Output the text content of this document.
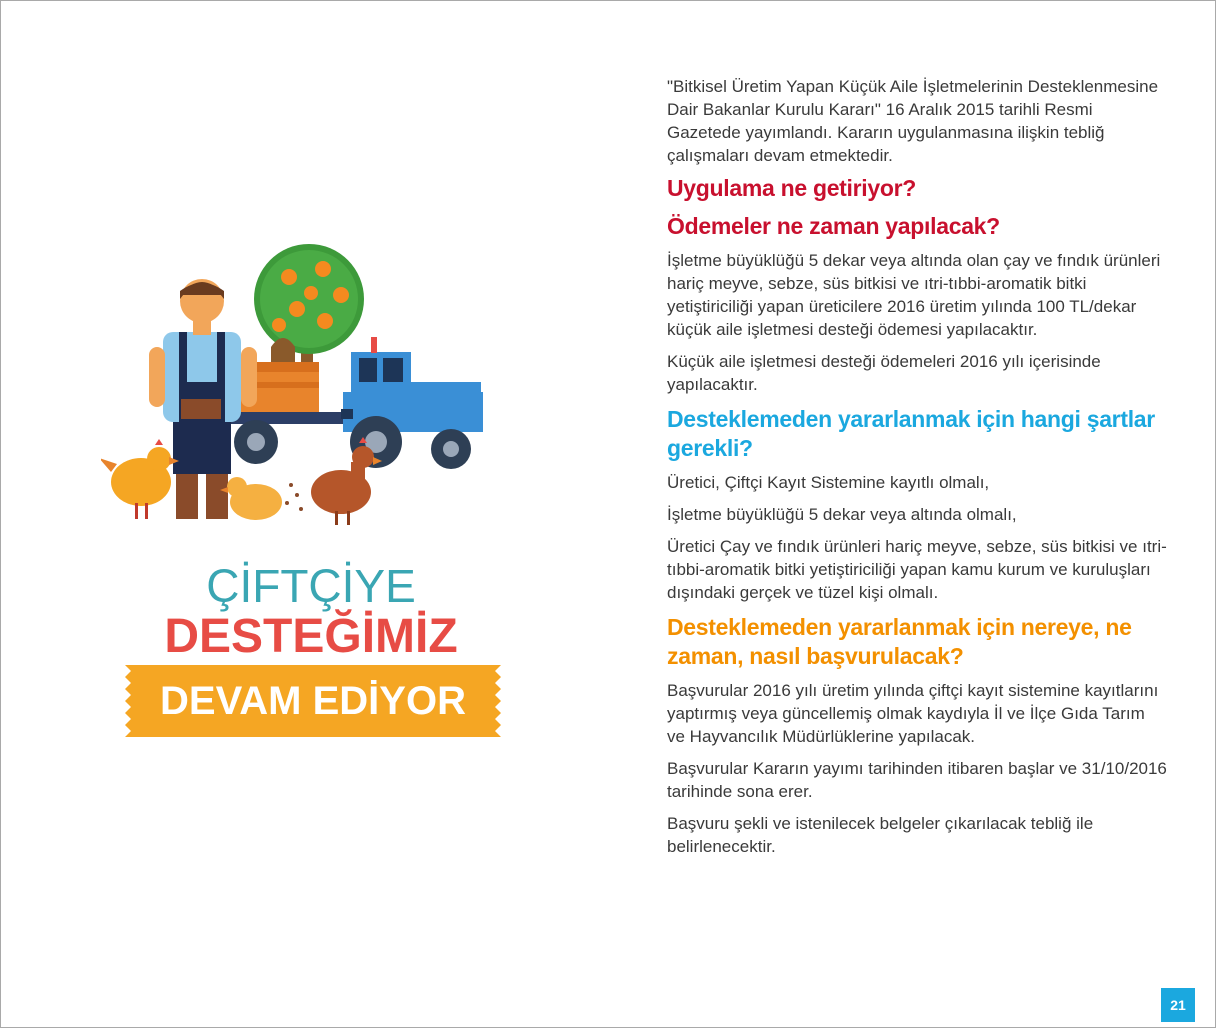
ÇİFTÇİYE
DESTEĞİMİZ
DEVAM EDİYOR

"Bitkisel Üretim Yapan Küçük Aile İşletmelerinin Desteklenmesine Dair Bakanlar Kurulu Kararı" 16 Aralık 2015 tarihli Resmi Gazetede yayımlandı. Kararın uygulanmasına ilişkin tebliğ çalışmaları devam etmektedir.

Uygulama ne getiriyor?
Ödemeler ne zaman yapılacak?

İşletme büyüklüğü 5 dekar veya altında olan çay ve fındık ürünleri hariç meyve, sebze, süs bitkisi ve ıtri-tıbbi-aromatik bitki yetiştiriciliği yapan üreticilere 2016 üretim yılında 100 TL/dekar küçük aile işletmesi desteği ödemesi yapılacaktır.

Küçük aile işletmesi desteği ödemeleri 2016 yılı içerisinde yapılacaktır.

Desteklemeden yararlanmak için hangi şartlar gerekli?

Üretici, Çiftçi Kayıt Sistemine kayıtlı olmalı,

İşletme büyüklüğü 5 dekar veya altında olmalı,

Üretici Çay ve fındık ürünleri hariç meyve, sebze, süs bitkisi ve ıtri-tıbbi-aromatik bitki yetiştiriciliği yapan kamu kurum ve kuruluşları dışındaki gerçek ve tüzel kişi olmalı.

Desteklemeden yararlanmak için nereye, ne zaman, nasıl başvurulacak?

Başvurular 2016 yılı üretim yılında çiftçi kayıt sistemine kayıtlarını yaptırmış veya güncellemiş olmak kaydıyla İl ve İlçe Gıda Tarım ve Hayvancılık Müdürlüklerine yapılacak.

Başvurular Kararın yayımı tarihinden itibaren başlar ve 31/10/2016 tarihinde sona erer.

Başvuru şekli ve istenilecek belgeler çıkarılacak tebliğ ile belirlenecektir.

21
